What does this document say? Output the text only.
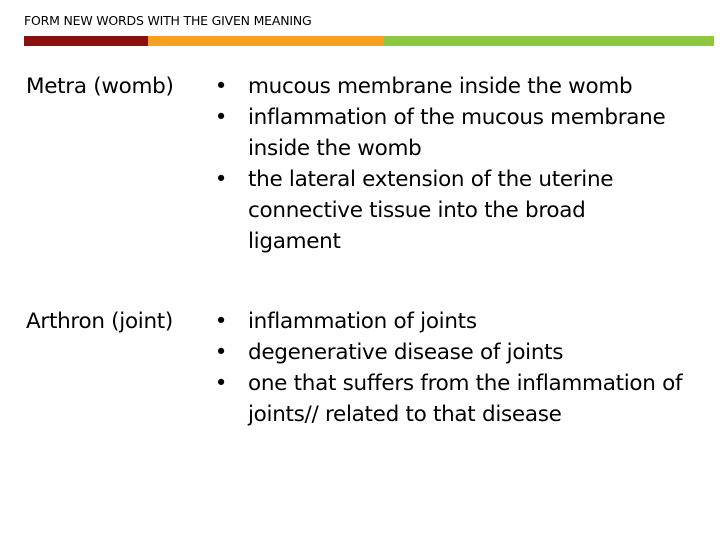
FORM NEW WORDS WITH THE GIVEN MEANING
Metra (womb) • mucous membrane inside the womb
• inflammation of the mucous membrane inside the womb
• the lateral extension of the uterine connective tissue into the broad ligament
Arthron (joint) • inflammation of joints
• degenerative disease of joints
• one that suffers from the inflammation of joints// related to that disease
